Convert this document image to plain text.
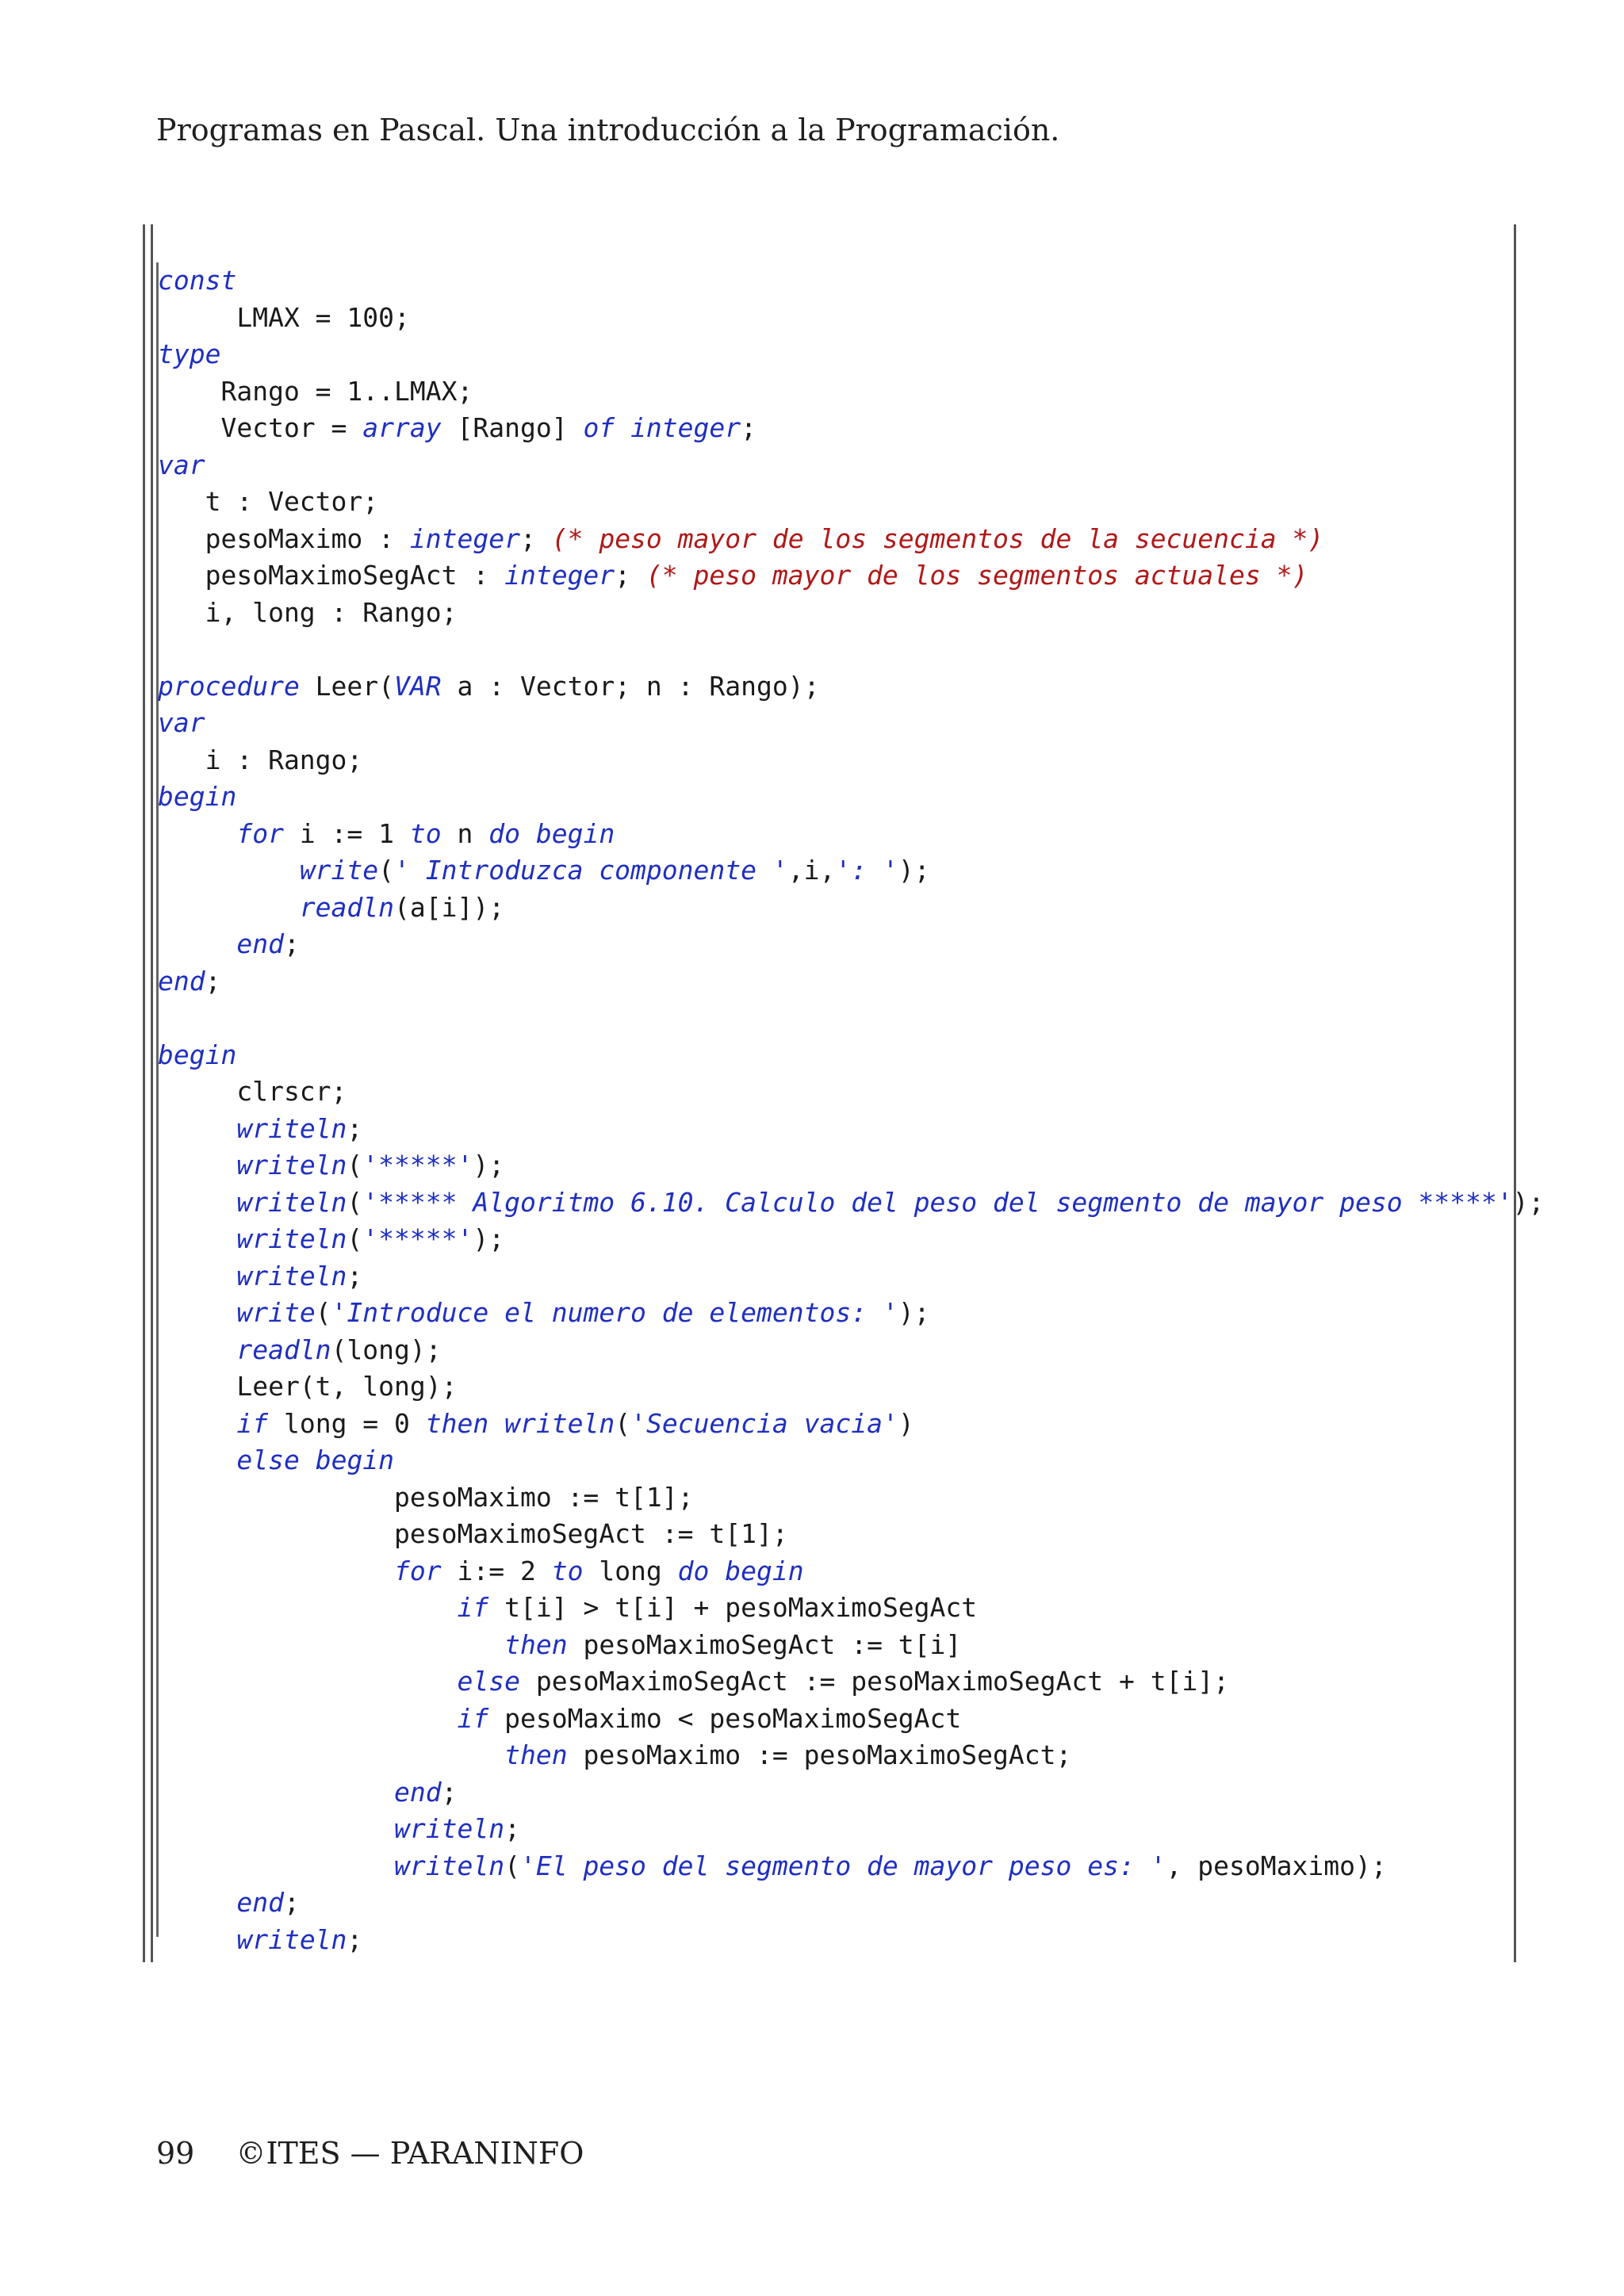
Programas en Pascal. Una introducción a la Programación.
const
LMAX = 100;
type
Rango = 1..LMAX;
Vector = array [Rango] of integer;
var
t : Vector;
pesoMaximo : integer; (* peso mayor de los segmentos de la secuencia *)
pesoMaximoSegAct : integer; (* peso mayor de los segmentos actuales *)
i, long : Rango;
procedure Leer(VAR a : Vector; n : Rango);
var
i : Rango;
begin
for i := 1 to n do begin
write(' Introduzca componente ',i,': ');
readln(a[i]);
end;
end;
begin
clrscr;
writeln;
writeln('*****');
writeln('***** Algoritmo 6.10. Calculo del peso del segmento de mayor peso *****');
writeln('*****');
writeln;
write('Introduce el numero de elementos: ');
readln(long);
Leer(t, long);
if long = 0 then writeln('Secuencia vacia')
else begin
pesoMaximo := t[1];
pesoMaximoSegAct := t[1];
for i:= 2 to long do begin
if t[i] > t[i] + pesoMaximoSegAct
then pesoMaximoSegAct := t[i]
else pesoMaximoSegAct := pesoMaximoSegAct + t[i];
if pesoMaximo < pesoMaximoSegAct
then pesoMaximo := pesoMaximoSegAct;
end;
writeln;
writeln('El peso del segmento de mayor peso es: ', pesoMaximo);
end;
writeln;
99 ©ITES — PARANINFO
